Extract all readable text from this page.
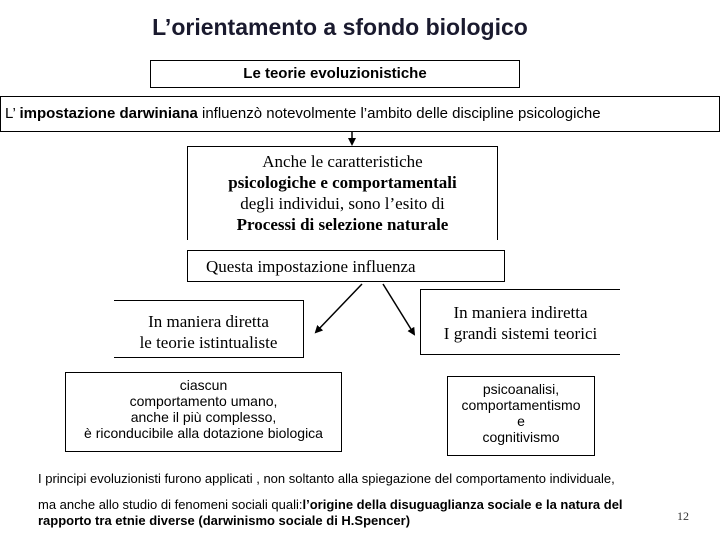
L’orientamento a sfondo biologico
Le teorie evoluzionistiche
L’ impostazione darwiniana influenzò notevolmente l’ambito delle discipline psicologiche
Anche le caratteristiche
psicologiche e comportamentali
degli individui, sono l’esito di
Processi di selezione naturale
Questa impostazione influenza
In maniera diretta
le teorie istintualiste
In maniera indiretta
I grandi sistemi teorici
ciascun
comportamento umano,
anche il più complesso,
è riconducibile alla dotazione biologica
psicoanalisi,
comportamentismo
e
cognitivismo
I principi evoluzionisti furono applicati , non soltanto alla spiegazione del comportamento individuale,
ma anche allo studio di fenomeni sociali quali:l’origine della disuguaglianza sociale e la natura del rapporto tra etnie diverse (darwinismo sociale di H.Spencer)	12
